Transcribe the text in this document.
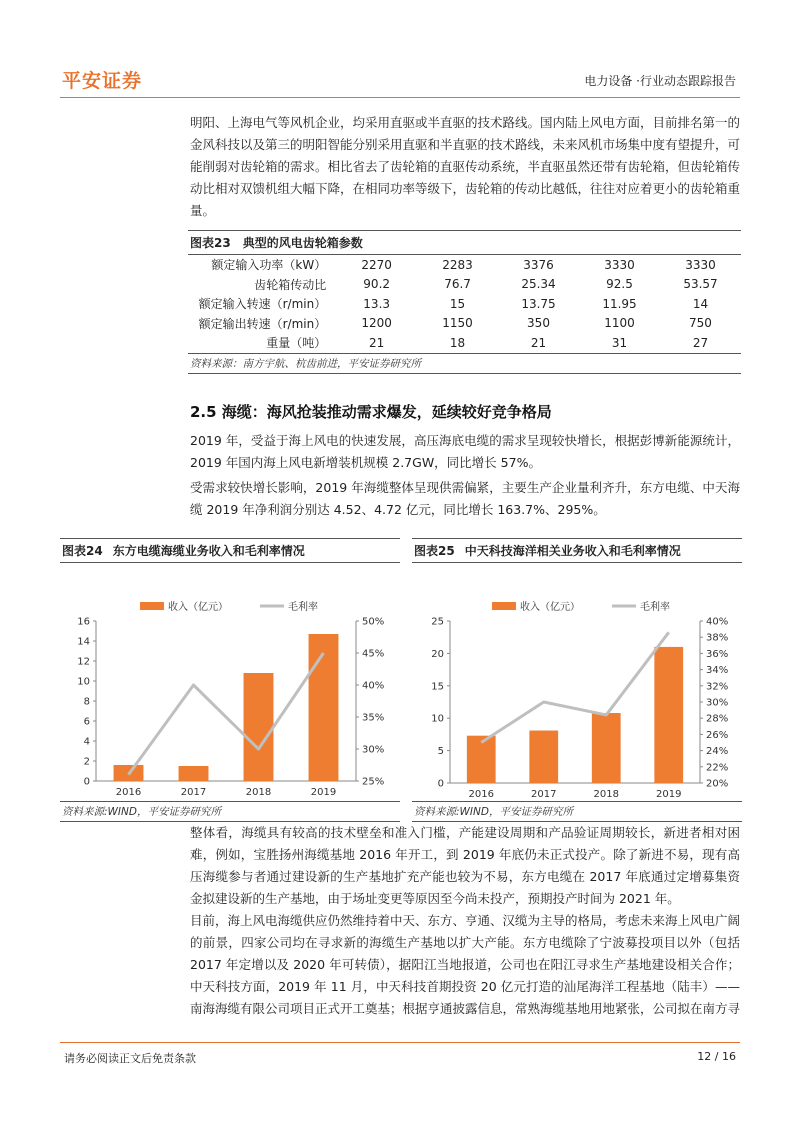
平安证券	电力设备 ·行业动态跟踪报告
明阳、上海电气等风机企业，均采用直驱或半直驱的技术路线。国内陆上风电方面，目前排名第一的金风科技以及第三的明阳智能分别采用直驱和半直驱的技术路线，未来风机市场集中度有望提升，可能削弱对齿轮箱的需求。相比省去了齿轮箱的直驱传动系统，半直驱虽然还带有齿轮箱，但齿轮箱传动比相对双馈机组大幅下降，在相同功率等级下，齿轮箱的传动比越低，往往对应着更小的齿轮箱重量。
图表23 典型的风电齿轮箱参数
额定输入功率（kW）	2270	2283	3376	3330	3330
齿轮箱传动比	90.2	76.7	25.34	92.5	53.57
额定输入转速（r/min）	13.3	15	13.75	11.95	14
额定输出转速（r/min）	1200	1150	350	1100	750
重量（吨）	21	18	21	31	27
资料来源：南方宇航、杭齿前进，平安证券研究所
2.5 海缆：海风抢装推动需求爆发，延续较好竞争格局
2019 年，受益于海上风电的快速发展，高压海底电缆的需求呈现较快增长，根据彭博新能源统计，2019 年国内海上风电新增装机规模 2.7GW，同比增长 57%。
受需求较快增长影响，2019 年海缆整体呈现供需偏紧，主要生产企业量利齐升，东方电缆、中天海缆 2019 年净利润分别达 4.52、4.72 亿元，同比增长 163.7%、295%。
图表24 东方电缆海缆业务收入和毛利率情况
收入（亿元）	毛利率
0
2
4
6
8
10
12
14
16
25%
30%
35%
40%
45%
50%
2016	2017	2018	2019
资料来源:WIND，平安证券研究所
图表25 中天科技海洋相关业务收入和毛利率情况
收入（亿元）	毛利率
0
5
10
15
20
25
20%
22%
24%
26%
28%
30%
32%
34%
36%
38%
40%
2016	2017	2018	2019
资料来源:WIND，平安证券研究所
整体看，海缆具有较高的技术壁垒和准入门槛，产能建设周期和产品验证周期较长，新进者相对困难，例如，宝胜扬州海缆基地 2016 年开工，到 2019 年底仍未正式投产。除了新进不易，现有高压海缆参与者通过建设新的生产基地扩充产能也较为不易，东方电缆在 2017 年底通过定增募集资金拟建设新的生产基地，由于场址变更等原因至今尚未投产，预期投产时间为 2021 年。
目前，海上风电海缆供应仍然维持着中天、东方、亨通、汉缆为主导的格局，考虑未来海上风电广阔的前景，四家公司均在寻求新的海缆生产基地以扩大产能。东方电缆除了宁波募投项目以外（包括 2017 年定增以及 2020 年可转债），据阳江当地报道，公司也在阳江寻求生产基地建设相关合作；中天科技方面，2019 年 11 月，中天科技首期投资 20 亿元打造的汕尾海洋工程基地（陆丰）——南海海缆有限公司项目正式开工奠基；根据亨通披露信息，常熟海缆基地用地紧张，公司拟在南方寻
请务必阅读正文后免责条款	12 / 16
